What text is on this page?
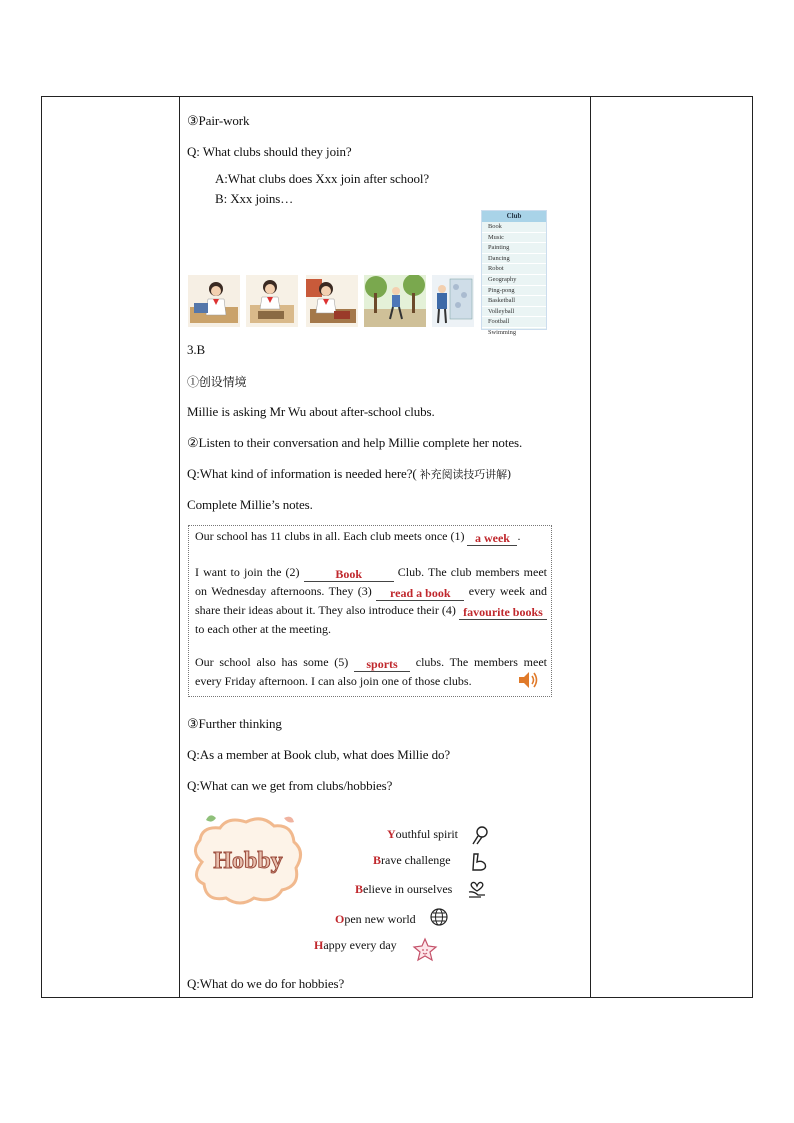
③Pair-work
Q: What clubs should they join?
A:What clubs does Xxx join after school?
B: Xxx joins…
Club
Book
Music
Painting
Dancing
Robot
Geography
Ping-pong
Basketball
Volleyball
Football
Swimming
3.B
①创设情境
Millie is asking Mr Wu about after-school clubs.
②Listen to their conversation and help Millie complete her notes.
Q:What kind of information is needed here?( 补充阅读技巧讲解)
Complete Millie’s notes.
Our school has 11 clubs in all. Each club meets once (1) a week .
I want to join the (2)	Book	Club. The club members meet on Wednesday afternoons. They (3)	read a book	every week and share their ideas about it. They also introduce their (4) favourite books
to each other at the meeting.
Our school also has some (5)	sports	clubs. The members meet every Friday afternoon. I can also join one of those clubs.
③Further thinking
Q:As a member at Book club, what does Millie do?
Q:What can we get from clubs/hobbies?
Q:What do we do for hobbies?
Hobby
Youthful spirit
Brave challenge
Believe in ourselves
Open new world
Happy every day
